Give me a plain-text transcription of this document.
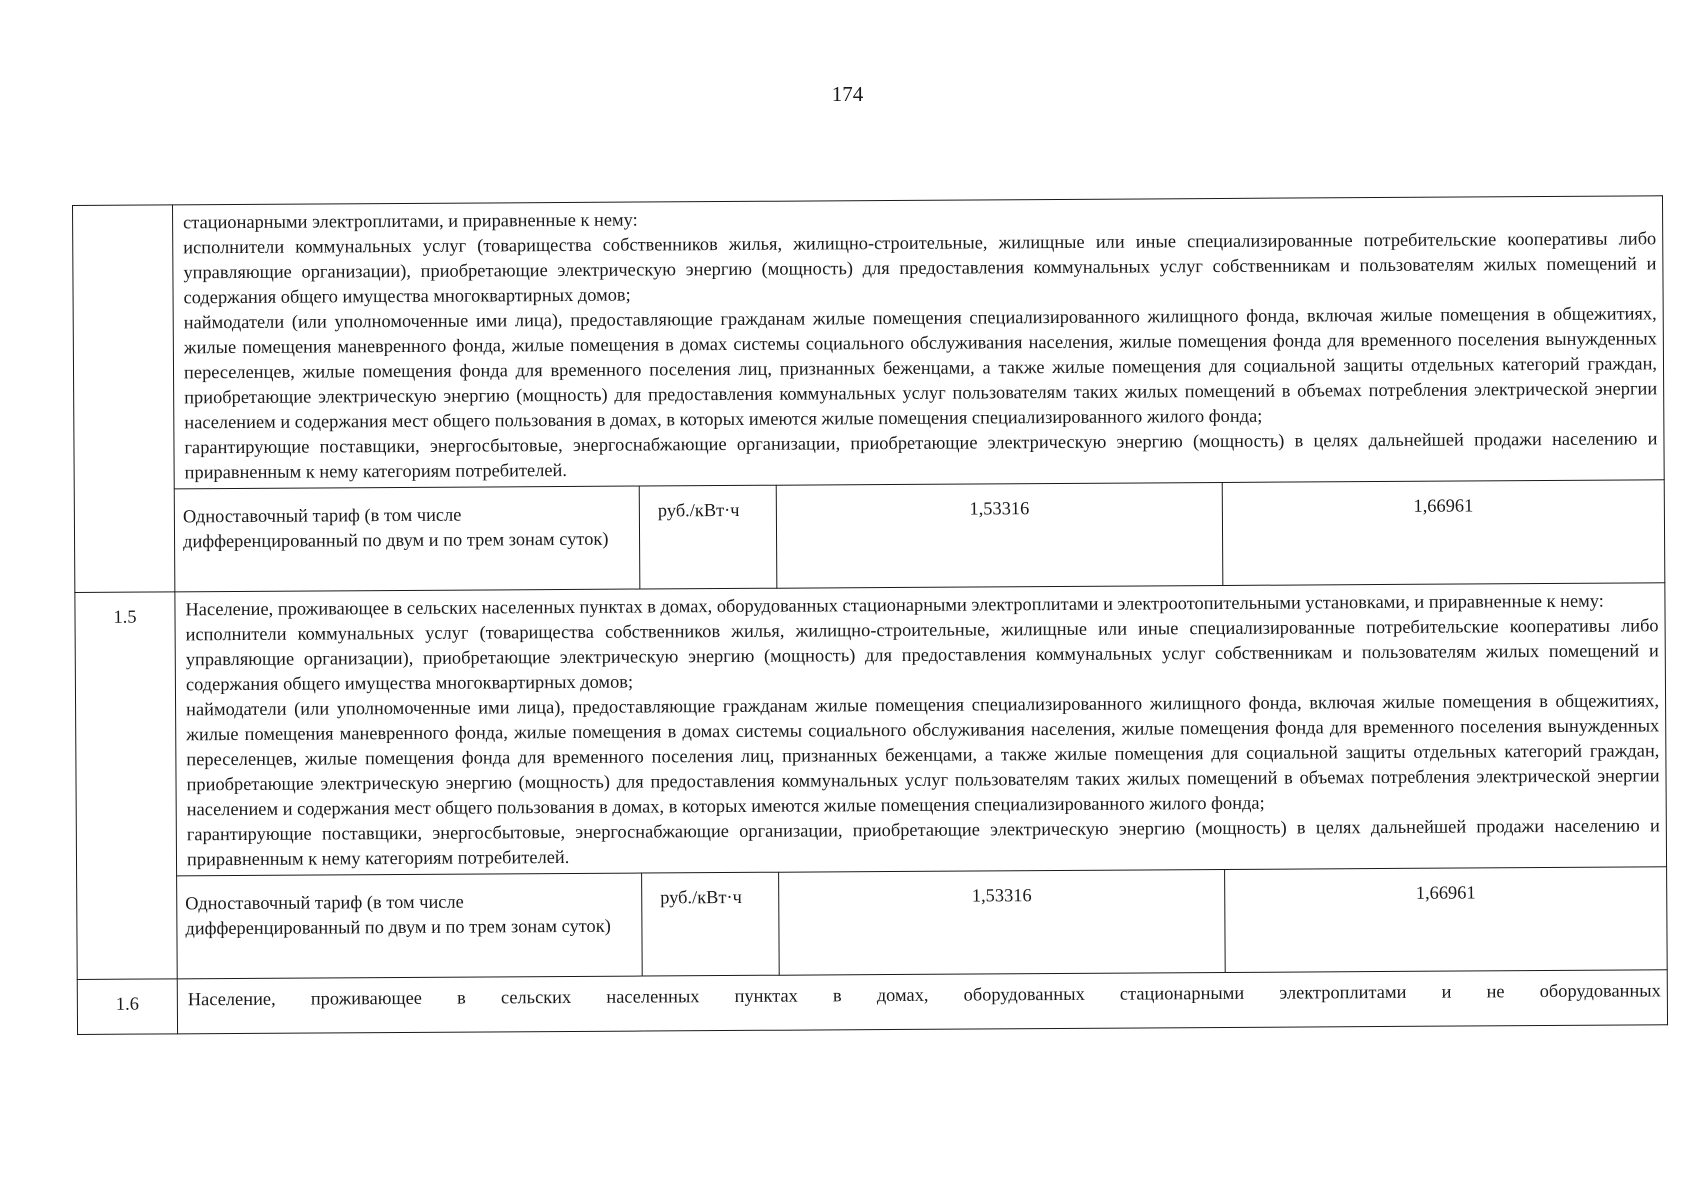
174

	стационарными электроплитами, и приравненные к нему:

исполнители коммунальных услуг (товарищества собственников жилья, жилищно-строительные, жилищные или иные специализированные потребительские кооперативы либо управляющие организации), приобретающие электрическую энергию (мощность) для предоставления коммунальных услуг собственникам и пользователям жилых помещений и содержания общего имущества многоквартирных домов;

наймодатели (или уполномоченные ими лица), предоставляющие гражданам жилые помещения специализированного жилищного фонда, включая жилые помещения в общежитиях, жилые помещения маневренного фонда, жилые помещения в домах системы социального обслуживания населения, жилые помещения фонда для временного поселения вынужденных переселенцев, жилые помещения фонда для временного поселения лиц, признанных беженцами, а также жилые помещения для социальной защиты отдельных категорий граждан, приобретающие электрическую энергию (мощность) для предоставления коммунальных услуг пользователям таких жилых помещений в объемах потребления электрической энергии населением и содержания мест общего пользования в домах, в которых имеются жилые помещения специализированного жилого фонда;

гарантирующие поставщики, энергосбытовые, энергоснабжающие организации, приобретающие электрическую энергию (мощность) в целях дальнейшей продажи населению и приравненным к нему категориям потребителей.			

	Одноставочный тариф (в том числе дифференцированный по двум и по трем зонам суток)	руб./кВт·ч	1,53316	1,66961
1.5	Население, проживающее в сельских населенных пунктах в домах, оборудованных стационарными электроплитами и электроотопительными установками, и приравненные к нему:

исполнители коммунальных услуг (товарищества собственников жилья, жилищно-строительные, жилищные или иные специализированные потребительские кооперативы либо управляющие организации), приобретающие электрическую энергию (мощность) для предоставления коммунальных услуг собственникам и пользователям жилых помещений и содержания общего имущества многоквартирных домов;

наймодатели (или уполномоченные ими лица), предоставляющие гражданам жилые помещения специализированного жилищного фонда, включая жилые помещения в общежитиях, жилые помещения маневренного фонда, жилые помещения в домах системы социального обслуживания населения, жилые помещения фонда для временного поселения вынужденных переселенцев, жилые помещения фонда для временного поселения лиц, признанных беженцами, а также жилые помещения для социальной защиты отдельных категорий граждан, приобретающие электрическую энергию (мощность) для предоставления коммунальных услуг пользователям таких жилых помещений в объемах потребления электрической энергии населением и содержания мест общего пользования в домах, в которых имеются жилые помещения специализированного жилого фонда;

гарантирующие поставщики, энергосбытовые, энергоснабжающие организации, приобретающие электрическую энергию (мощность) в целях дальнейшей продажи населению и приравненным к нему категориям потребителей.			

	Одноставочный тариф (в том числе дифференцированный по двум и по трем зонам суток)	руб./кВт·ч	1,53316	1,66961
1.6	Население, проживающее в сельских населенных пунктах в домах, оборудованных стационарными электроплитами и не оборудованных			
